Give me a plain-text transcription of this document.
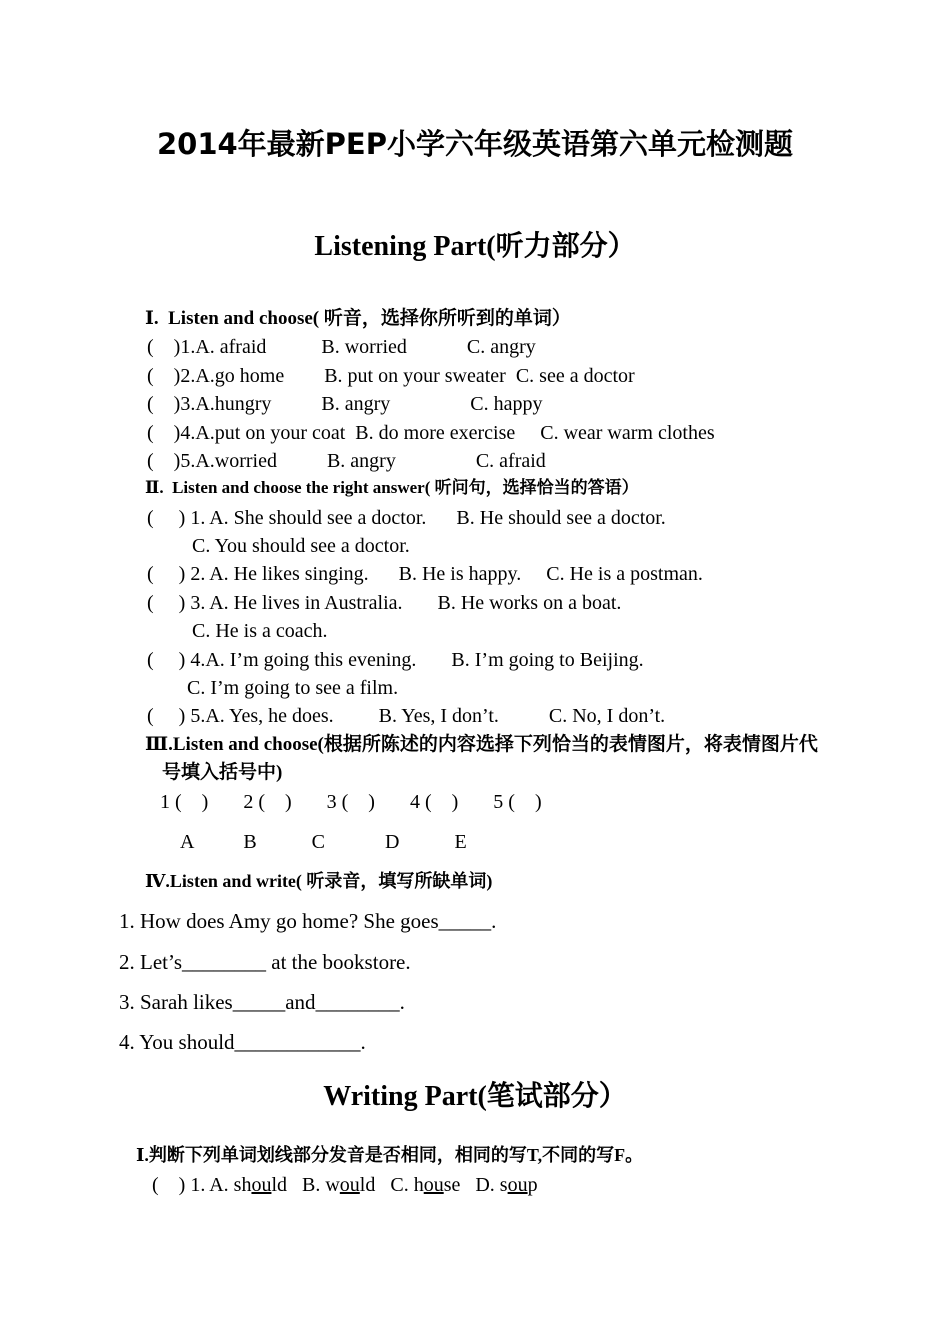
2014年最新PEP小学六年级英语第六单元检测题
Listening Part(听力部分）
Ⅰ.  Listen and choose( 听音，选择你所听到的单词）
(    )1.A. afraid           B. worried            C. angry
(    )2.A.go home        B. put on your sweater  C. see a doctor
(    )3.A.hungry          B. angry                C. happy
(    )4.A.put on your coat  B. do more exercise     C. wear warm clothes
(    )5.A.worried          B. angry                C. afraid
Ⅱ.  Listen and choose the right answer( 听问句，选择恰当的答语）
(     ) 1. A. She should see a doctor.      B. He should see a doctor.
C. You should see a doctor.
(     ) 2. A. He likes singing.      B. He is happy.     C. He is a postman.
(     ) 3. A. He lives in Australia.       B. He works on a boat.
C. He is a coach.
(     ) 4.A. I’m going this evening.       B. I’m going to Beijing.
C. I’m going to see a film.
(     ) 5.A. Yes, he does.         B. Yes, I don’t.          C. No, I don’t.
Ⅲ.Listen and choose(根据所陈述的内容选择下列恰当的表情图片，将表情图片代
号填入括号中)
1 (    )       2 (    )       3 (    )       4 (    )       5 (    )
A          B           C            D           E
Ⅳ.Listen and write( 听录音，填写所缺单词)
1. How does Amy go home? She goes_____.
2. Let’s________ at the bookstore.
3. Sarah likes_____and________.
4. You should____________.
Writing Part(笔试部分）
Ⅰ.判断下列单词划线部分发音是否相同，相同的写T,不同的写F。
(    ) 1. A. should   B. would   C. house   D. soup
